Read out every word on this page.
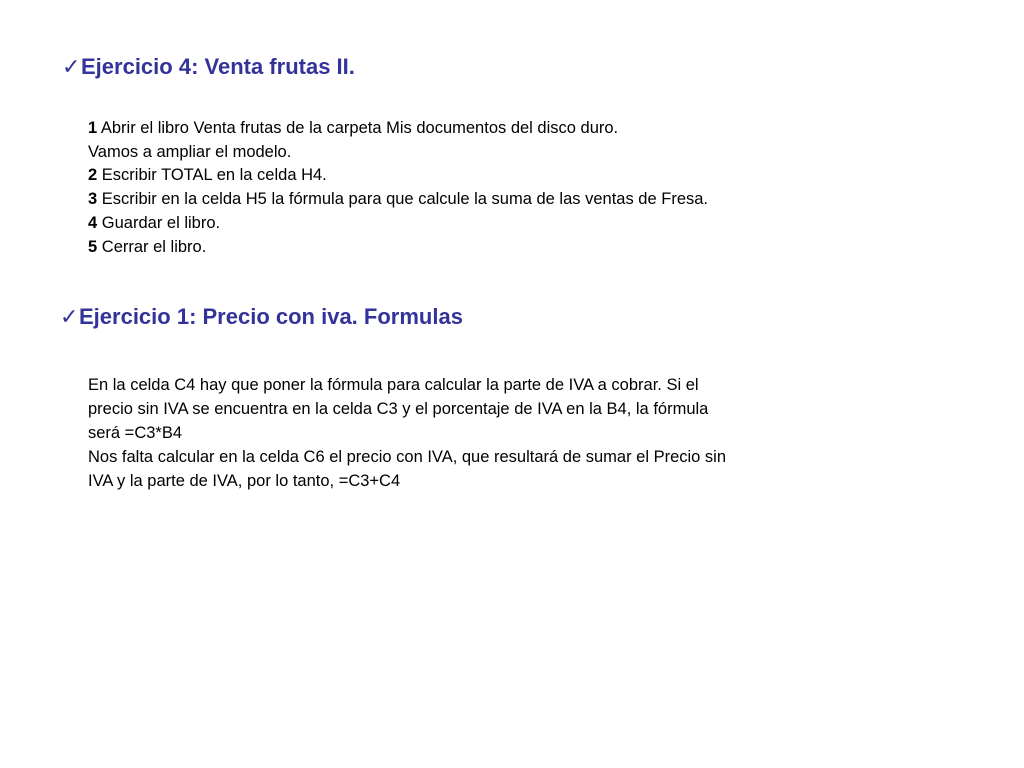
✓ Ejercicio 4: Venta frutas II.
1 Abrir el libro Venta frutas de la carpeta Mis documentos del disco duro.
Vamos a ampliar el modelo.
2 Escribir TOTAL en la celda H4.
3 Escribir en la celda H5 la fórmula para que calcule la suma de las ventas de Fresa.
4 Guardar el libro.
5 Cerrar el libro.
✓ Ejercicio 1: Precio con iva. Formulas
En la celda C4 hay que poner la fórmula para calcular la parte de IVA a cobrar. Si el
precio sin IVA se encuentra en la celda C3 y el porcentaje de IVA en la B4, la fórmula
será =C3*B4
Nos falta calcular en la celda C6 el precio con IVA, que resultará de sumar el Precio sin
IVA y la parte de IVA, por lo tanto, =C3+C4
